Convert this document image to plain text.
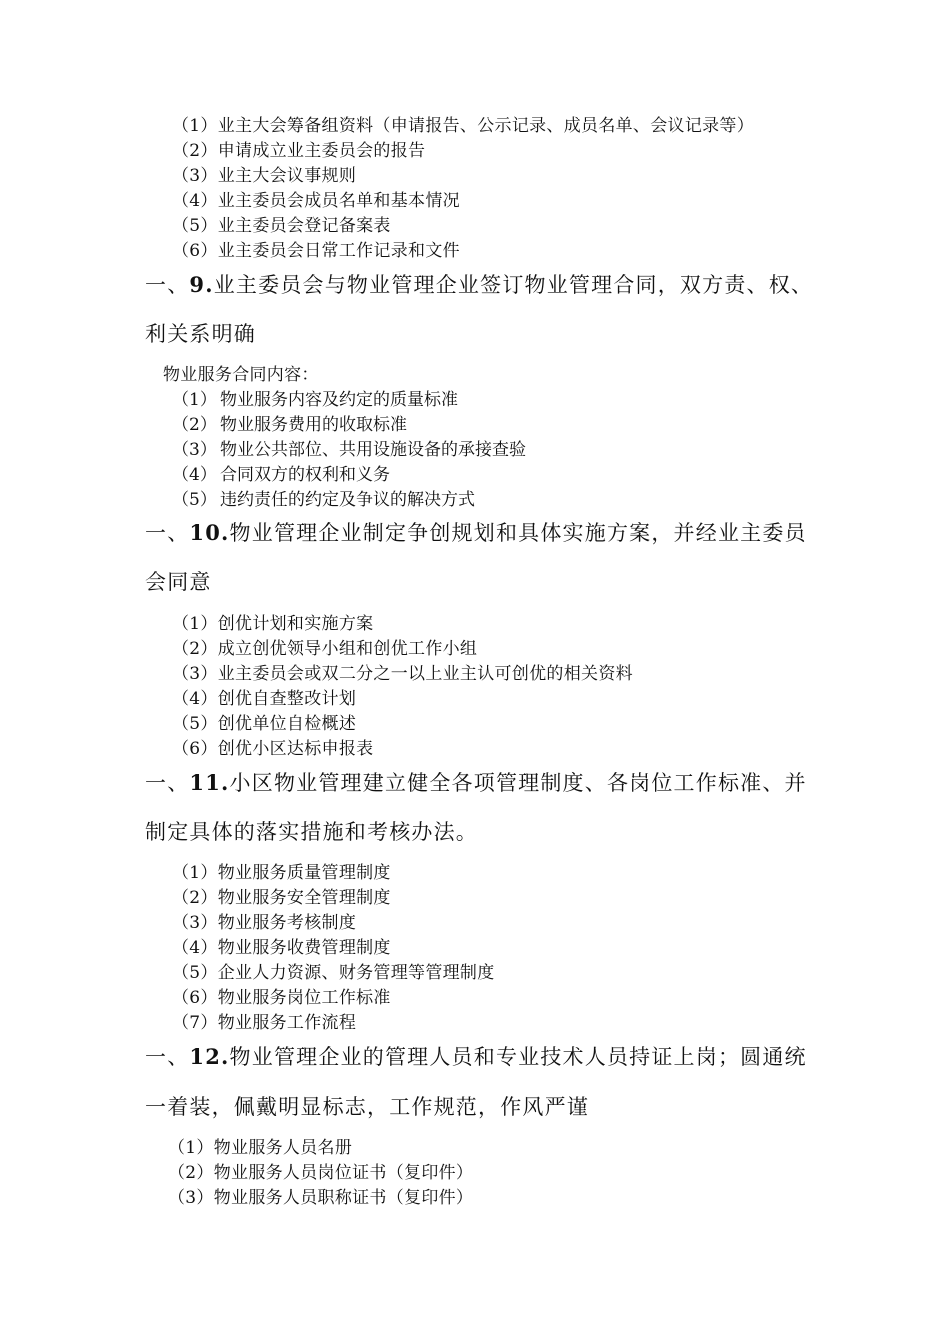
（1）业主大会筹备组资料（申请报告、公示记录、成员名单、会议记录等）
（2）申请成立业主委员会的报告
（3）业主大会议事规则
（4）业主委员会成员名单和基本情况
（5）业主委员会登记备案表
（6）业主委员会日常工作记录和文件
一、9.业主委员会与物业管理企业签订物业管理合同，双方责、权、
利关系明确
物业服务合同内容：
（1） 物业服务内容及约定的质量标准
（2） 物业服务费用的收取标准
（3） 物业公共部位、共用设施设备的承接查验
（4） 合同双方的权利和义务
（5） 违约责任的约定及争议的解决方式
一、10.物业管理企业制定争创规划和具体实施方案，并经业主委员
会同意
（1）创优计划和实施方案
（2）成立创优领导小组和创优工作小组
（3）业主委员会或双二分之一以上业主认可创优的相关资料
（4）创优自查整改计划
（5）创优单位自检概述
（6）创优小区达标申报表
一、11.小区物业管理建立健全各项管理制度、各岗位工作标准、并
制定具体的落实措施和考核办法。
（1）物业服务质量管理制度
（2）物业服务安全管理制度
（3）物业服务考核制度
（4）物业服务收费管理制度
（5）企业人力资源、财务管理等管理制度
（6）物业服务岗位工作标准
（7）物业服务工作流程
一、12.物业管理企业的管理人员和专业技术人员持证上岗；圆通统
一着装，佩戴明显标志，工作规范，作风严谨
（1）物业服务人员名册
（2）物业服务人员岗位证书（复印件）
（3）物业服务人员职称证书（复印件）
